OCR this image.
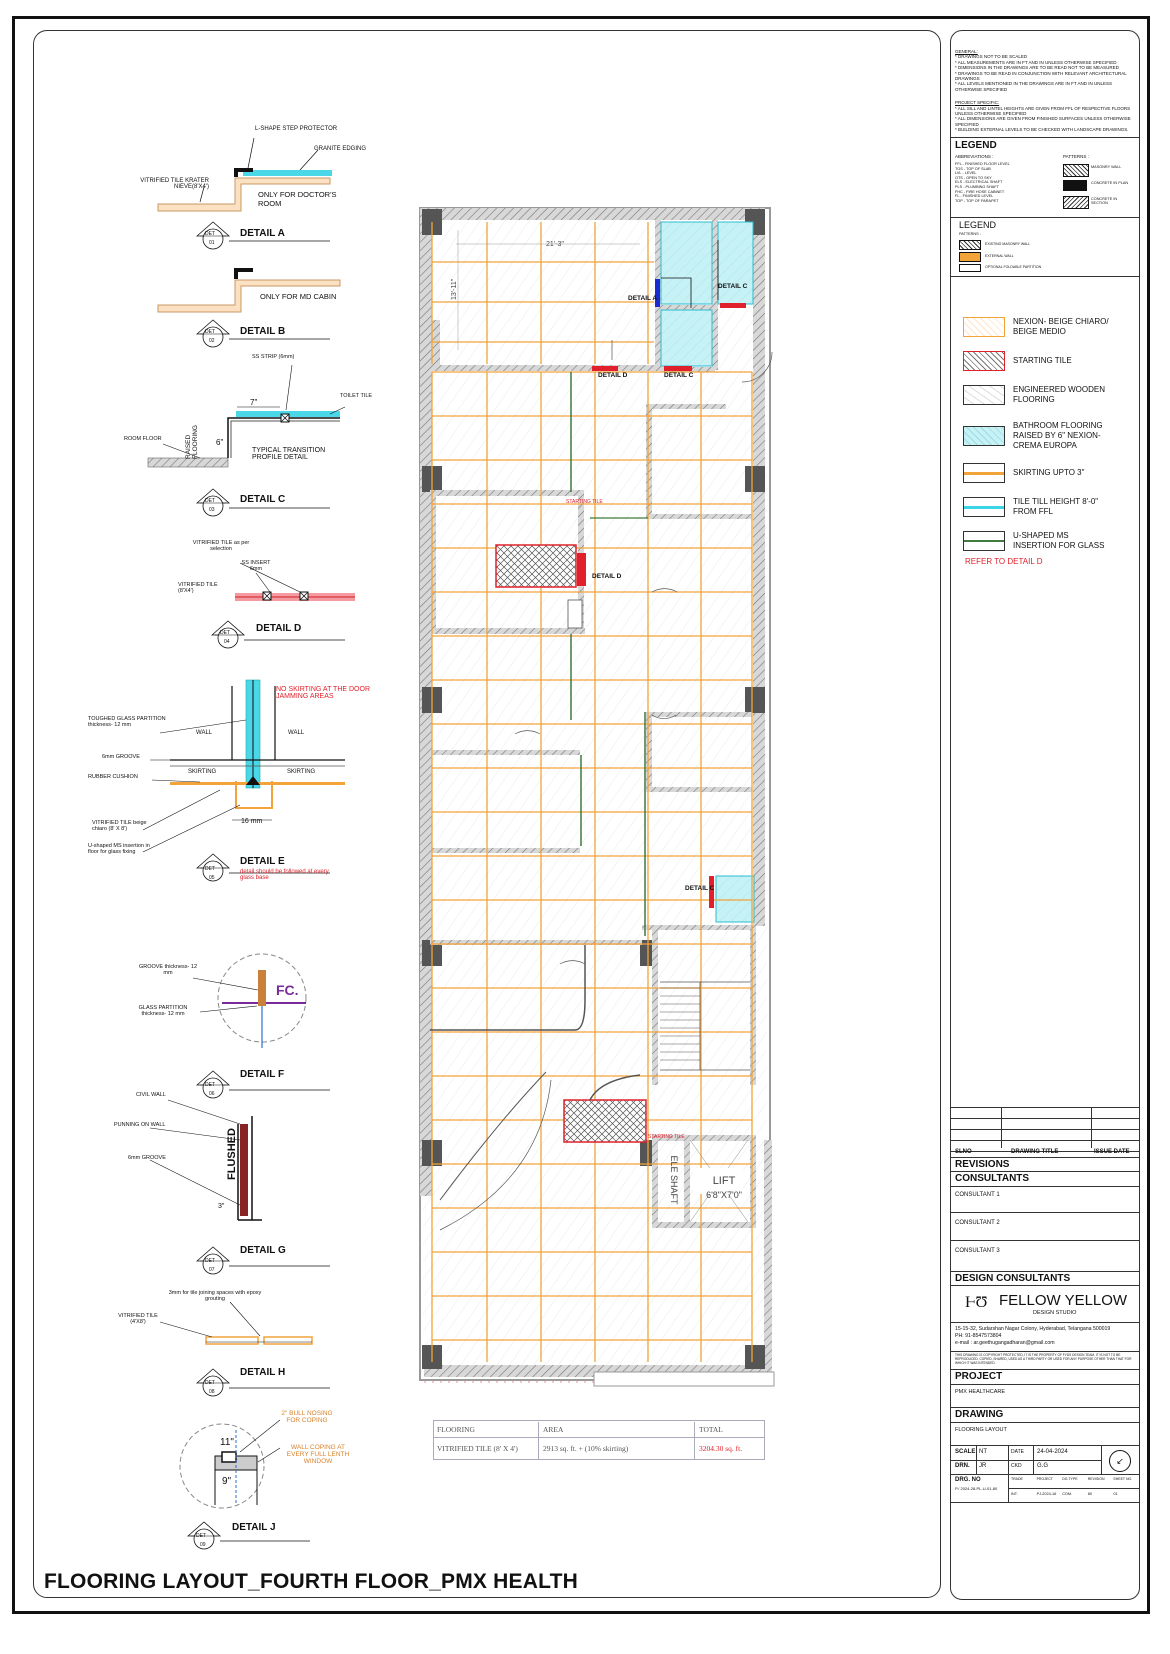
LIFT
6'8"X7'0"
ELE SHAFT
21'-3"
13'-11"	DETAIL A
DETAIL C
DETAIL D	DETAIL C
DETAIL D
DETAIL C
STARTING TILE
STARTING TILE
L-SHAPE STEP PROTECTOR
GRANITE EDGING
VITRIFIED TILE KRATER NIEVE(8'X4')
ONLY FOR DOCTOR'S ROOM
DETAIL A
DET
01
ONLY FOR MD CABIN
DETAIL B
DET
02
SS STRIP (6mm)
TOILET TILE
7"
6"
RAISED FLOORING
ROOM FLOOR
TYPICAL TRANSITION PROFILE DETAIL
DETAIL C
DET
03
VITRIFIED TILE as per selection
SS INSERT 6mm
VITRIFIED TILE (8'X4')
DETAIL D
DET
04
NO SKIRTING AT THE DOOR JAMMING AREAS
TOUGHED GLASS PARTITION thickness- 12 mm
WALL	WALL
6mm GROOVE
RUBBER CUSHION
SKIRTING	SKIRTING
VITRIFIED TILE beige chiaro (8' X 8')
U-shaped MS insertion in floor for glass fixing
16 mm
DETAIL E
detail should be followed at every glass base
DET
05
GROOVE thickness- 12 mm
GLASS PARTITION thickness- 12 mm
FC.
DETAIL F
DET
06
CIVIL WALL
PUNNING ON WALL
6mm GROOVE	FLUSHED
3"
DETAIL G
DET
07
3mm for tile joining spaces with epoxy grouting
VITRIFIED TILE (4'X8')
DETAIL H
DET
08
2" BULL NOSING FOR COPING
WALL COPING AT EVERY FULL LENTH WINDOW
11"
9"
DETAIL J
DET
09
FLOORING	AREA	TOTAL
VITRIFIED TILE (8' X 4')	2913 sq. ft. + (10% skirting)	3204.30 sq. ft.
FLOORING LAYOUT_FOURTH FLOOR_PMX HEALTH
GENERAL:
* DRAWINGS NOT TO BE SCALED
* ALL MEASUREMENTS ARE IN FT AND IN UNLESS OTHERWISE SPECIFIED
* DIMENSIONS IN THE DRAWINGS ARE TO BE READ NOT TO BE MEASURED
* DRAWINGS TO BE READ IN CONJUNCTION WITH RELEVANT ARCHITECTURAL DRAWINGS
* ALL LEVELS MENTIONED IN THE DRAWINGS ARE IN FT AND IN UNLESS OTHERWISE SPECIFIED
PROJECT SPECIFIC:
* ALL SILL AND LINTEL HEIGHTS ARE GIVEN FROM FFL OF RESPECTIVE FLOORS UNLESS OTHERWISE SPECIFIED
* ALL DIMENSIONS ARE GIVEN FROM FINISHED SURFACES UNLESS OTHERWISE SPECIFIED
* BUILDING EXTERNAL LEVELS TO BE CHECKED WITH LANDSCAPE DRAWINGS.
LEGEND
ABBREVIATIONS :
FFL - FINISHED FLOOR LEVEL
TOS - TOP OF SLAB
LVL - LEVEL
OTS - OPEN TO SKY
ELS - ELECTRICAL SHAFT
PLS - PLUMBING SHAFT
FHC - FIRE HOSE CABINET
FL - FINISHED LEVEL
TOP - TOP OF PARAPET
PATTERNS :
MASONRY WALL
CONCRETE IN PLAN
CONCRETE IN SECTION
LEGEND
PATTERNS :
EXISTING MASONRY WALL
EXTERNAL WALL
OPTIONAL FOLDABLE PARTITION
NEXION- BEIGE CHIARO/ BEIGE MEDIO
STARTING TILE
ENGINEERED WOODEN FLOORING
BATHROOM FLOORING RAISED BY 6" NEXION- CREMA EUROPA
SKIRTING UPTO 3"
TILE TILL HEIGHT 8'-0" FROM FFL
U-SHAPED MS INSERTION FOR GLASS
REFER TO DETAIL D
SLNO	DRAWING TITLE	ISSUE DATE
REVISIONS
CONSULTANTS
CONSULTANT 1
CONSULTANT 2
CONSULTANT 3
DESIGN CONSULTANTS
ⱵƱ FELLOW YELLOW
DESIGN STUDIO
15-15-32, Sudarshan Nagar Colony, Hyderabad, Telangana 500019
PH: 91-8547573804
e-mail : ar.geethugangadharan@gmail.com
THIS DRAWING IS COPYRIGHT PROTECTED, IT IS THE PROPERTY OF FYDS DESIGN TEAM. IT IS NOT TO BE REPRODUCED, COPIED, SHARED, USED AS A THIRD PARTY OR USED FOR ANY PURPOSE OTHER THAN THAT FOR WHICH IT WAS INTENDED.
PROJECT
PMX HEALTHCARE
DRAWING
FLOORING LAYOUT
SCALE NT	DATE 24-04-2024
DRN. JR	CKD	G.G
DRG. NO
P./ 2024-28-PL-U-01-80
↙
TRADE	PROJECT	DG.TYPE	REVISION	SHEET NO.
INT.	PJ-2024-16	COM.	80	01
